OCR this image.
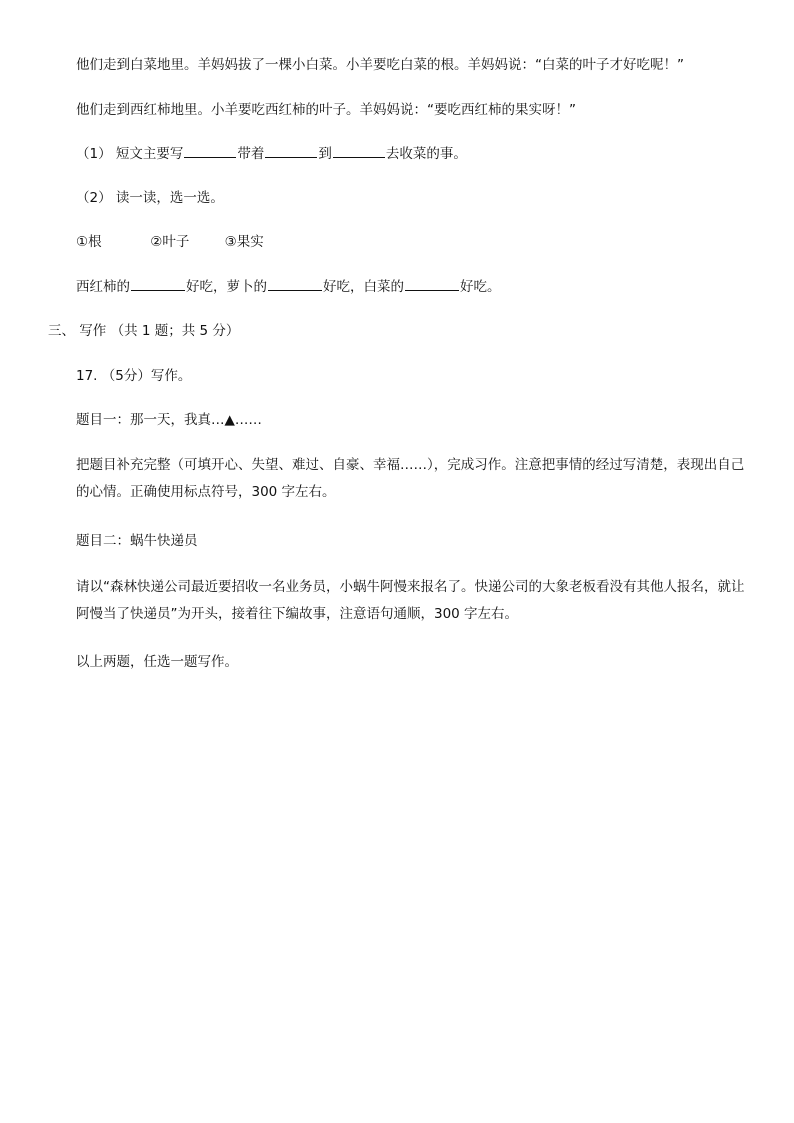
他们走到白菜地里。羊妈妈拔了一棵小白菜。小羊要吃白菜的根。羊妈妈说：“白菜的叶子才好吃呢！”
他们走到西红柿地里。小羊要吃西红柿的叶子。羊妈妈说：“要吃西红柿的果实呀！”
（1） 短文主要写	带着	到	去收菜的事。
（2） 读一读，选一选。
①根	②叶子	③果实
西红柿的	好吃，萝卜的	好吃，白菜的	好吃。
三、 写作 （共 1 题；共 5 分）
17. （5分）写作。
题目一：那一天，我真…▲……
把题目补充完整（可填开心、失望、难过、自豪、幸福……），完成习作。注意把事情的经过写清楚，表现出自己的心情。正确使用标点符号，300 字左右。
题目二：蜗牛快递员
请以“森林快递公司最近要招收一名业务员，小蜗牛阿慢来报名了。快递公司的大象老板看没有其他人报名，就让阿慢当了快递员”为开头，接着往下编故事，注意语句通顺，300 字左右。
以上两题，任选一题写作。
